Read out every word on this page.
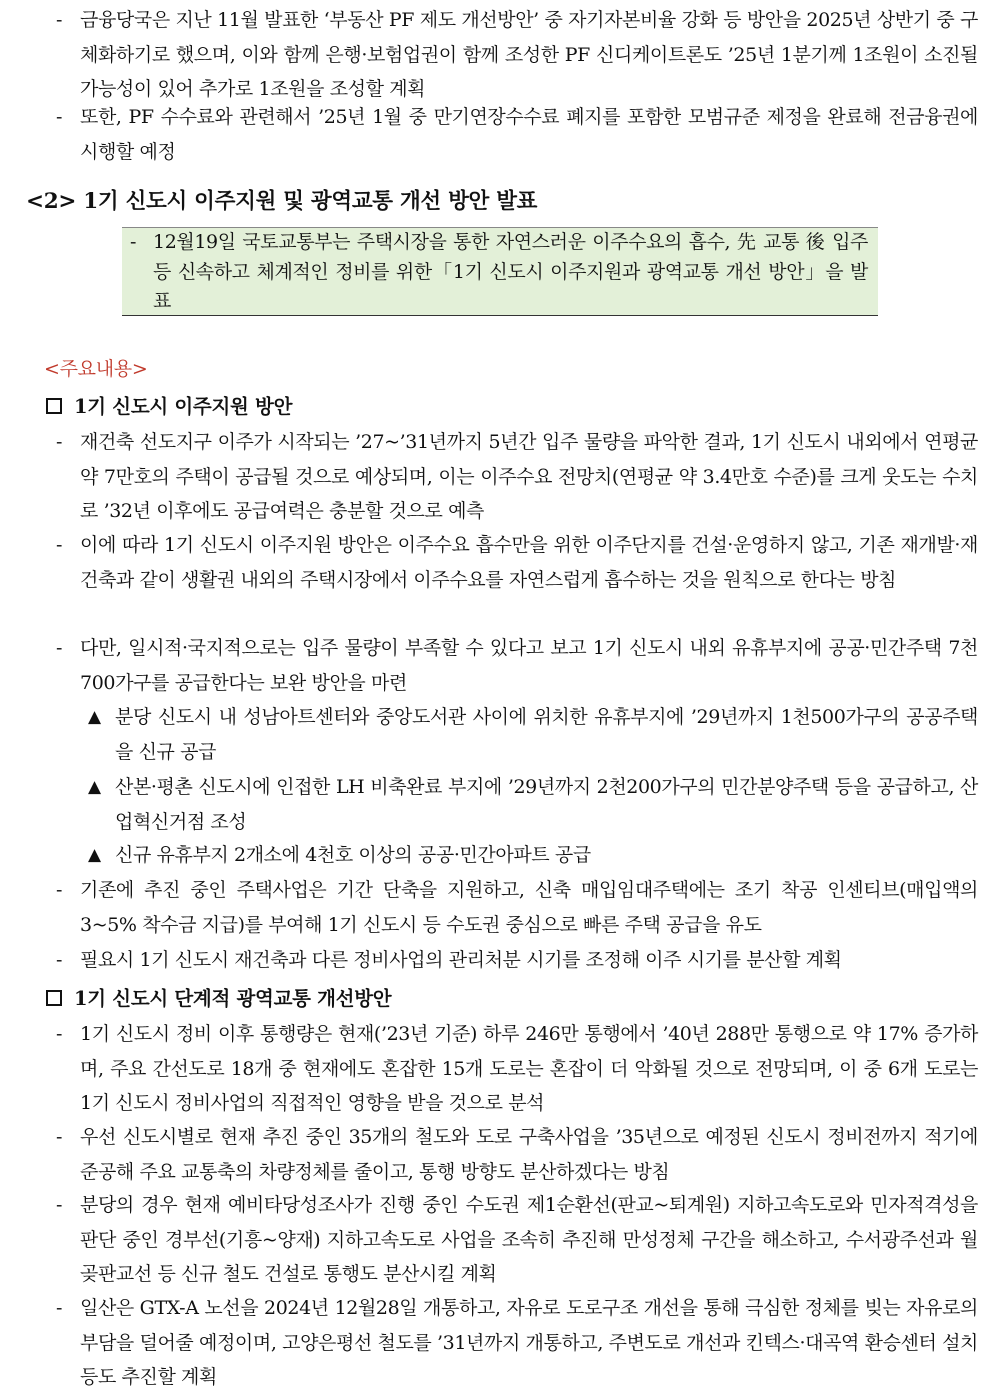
- 금융당국은 지난 11월 발표한 ‘부동산 PF 제도 개선방안’ 중 자기자본비율 강화 등 방안을 2025년 상반기 중 구체화하기로 했으며, 이와 함께 은행·보험업권이 함께 조성한 PF 신디케이트론도 ’25년 1분기께 1조원이 소진될 가능성이 있어 추가로 1조원을 조성할 계획
- 또한, PF 수수료와 관련해서 ’25년 1월 중 만기연장수수료 폐지를 포함한 모범규준 제정을 완료해 전금융권에 시행할 예정
<2> 1기 신도시 이주지원 및 광역교통 개선 방안 발표
- 12월19일 국토교통부는 주택시장을 통한 자연스러운 이주수요의 흡수, 先 교통 後 입주 등 신속하고 체계적인 정비를 위한「1기 신도시 이주지원과 광역교통 개선 방안」을 발표
<주요내용>
1기 신도시 이주지원 방안
- 재건축 선도지구 이주가 시작되는 ’27~’31년까지 5년간 입주 물량을 파악한 결과, 1기 신도시 내외에서 연평균 약 7만호의 주택이 공급될 것으로 예상되며, 이는 이주수요 전망치(연평균 약 3.4만호 수준)를 크게 웃도는 수치로 ’32년 이후에도 공급여력은 충분할 것으로 예측
- 이에 따라 1기 신도시 이주지원 방안은 이주수요 흡수만을 위한 이주단지를 건설·운영하지 않고, 기존 재개발·재건축과 같이 생활권 내외의 주택시장에서 이주수요를 자연스럽게 흡수하는 것을 원칙으로 한다는 방침
- 다만, 일시적·국지적으로는 입주 물량이 부족할 수 있다고 보고 1기 신도시 내외 유휴부지에 공공·민간주택 7천700가구를 공급한다는 보완 방안을 마련
▲ 분당 신도시 내 성남아트센터와 중앙도서관 사이에 위치한 유휴부지에 ’29년까지 1천500가구의 공공주택을 신규 공급
▲ 산본·평촌 신도시에 인접한 LH 비축완료 부지에 ’29년까지 2천200가구의 민간분양주택 등을 공급하고, 산업혁신거점 조성
▲ 신규 유휴부지 2개소에 4천호 이상의 공공·민간아파트 공급
- 기존에 추진 중인 주택사업은 기간 단축을 지원하고, 신축 매입임대주택에는 조기 착공 인센티브(매입액의 3~5% 착수금 지급)를 부여해 1기 신도시 등 수도권 중심으로 빠른 주택 공급을 유도
- 필요시 1기 신도시 재건축과 다른 정비사업의 관리처분 시기를 조정해 이주 시기를 분산할 계획
1기 신도시 단계적 광역교통 개선방안
- 1기 신도시 정비 이후 통행량은 현재(’23년 기준) 하루 246만 통행에서 ’40년 288만 통행으로 약 17% 증가하며, 주요 간선도로 18개 중 현재에도 혼잡한 15개 도로는 혼잡이 더 악화될 것으로 전망되며, 이 중 6개 도로는 1기 신도시 정비사업의 직접적인 영향을 받을 것으로 분석
- 우선 신도시별로 현재 추진 중인 35개의 철도와 도로 구축사업을 ’35년으로 예정된 신도시 정비전까지 적기에 준공해 주요 교통축의 차량정체를 줄이고, 통행 방향도 분산하겠다는 방침
- 분당의 경우 현재 예비타당성조사가 진행 중인 수도권 제1순환선(판교~퇴계원) 지하고속도로와 민자적격성을 판단 중인 경부선(기흥~양재) 지하고속도로 사업을 조속히 추진해 만성정체 구간을 해소하고, 수서광주선과 월곶판교선 등 신규 철도 건설로 통행도 분산시킬 계획
- 일산은 GTX-A 노선을 2024년 12월28일 개통하고, 자유로 도로구조 개선을 통해 극심한 정체를 빚는 자유로의 부담을 덜어줄 예정이며, 고양은평선 철도를 ’31년까지 개통하고, 주변도로 개선과 킨텍스·대곡역 환승센터 설치 등도 추진할 계획
